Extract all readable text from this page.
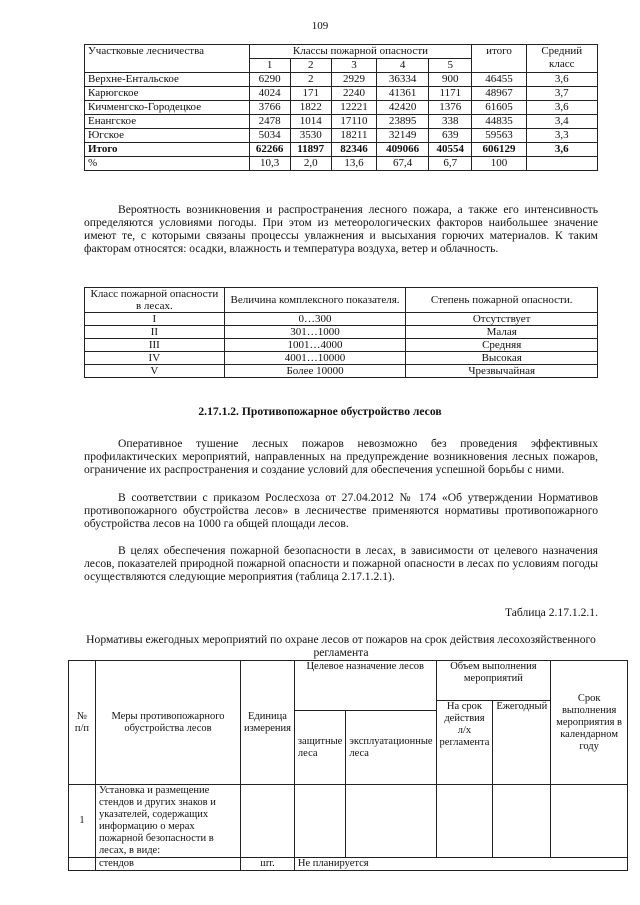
109
Участковые лесничества	Классы пожарной опасности					итого	Средний класс
	1	2	3	4	5		
Верхне-Ентальское	6290	2	2929	36334	900	46455	3,6
Карюгское	4024	171	2240	41361	1171	48967	3,7
Кичменгско-Городецкое	3766	1822	12221	42420	1376	61605	3,6
Енангское	2478	1014	17110	23895	338	44835	3,4
Югское	5034	3530	18211	32149	639	59563	3,3
Итого	62266	11897	82346	409066	40554	606129	3,6
%	10,3	2,0	13,6	67,4	6,7	100	

Вероятность возникновения и распространения лесного пожара, а также его интенсивность определяются условиями погоды. При этом из метеорологических факторов наибольшее значение имеют те, с которыми связаны процессы увлажнения и высыхания горючих материалов. К таким факторам относятся: осадки, влажность и температура воздуха, ветер и облачность.

Класс пожарной опасности в лесах.	Величина комплексного показателя.	Степень пожарной опасности.
I	0…300	Отсутствует
II	301…1000	Малая
III	1001…4000	Средняя
IV	4001…10000	Высокая
V	Более 10000	Чрезвычайная
2.17.1.2. Противопожарное обустройство лесов

Оперативное тушение лесных пожаров невозможно без проведения эффективных профилактических мероприятий, направленных на предупреждение возникновения лесных пожаров, ограничение их распространения и создание условий для обеспечения успешной борьбы с ними.

В соответствии с приказом Рослесхоза от 27.04.2012 № 174 «Об утверждении Нормативов противопожарного обустройства лесов» в лесничестве применяются нормативы противопожарного обустройства лесов на 1000 га общей площади лесов.

В целях обеспечения пожарной безопасности в лесах, в зависимости от целевого назначения лесов, показателей природной пожарной опасности и пожарной опасности в лесах по условиям погоды осуществляются следующие мероприятия (таблица 2.17.1.2.1).

Таблица 2.17.1.2.1.
Нормативы ежегодных мероприятий по охране лесов от пожаров на срок действия лесохозяйственного регламента
№ п/п	Меры противопожарного обустройства лесов	Единица измерения	Целевое назначение лесов		Объем выполнения мероприятий		Срок выполнения мероприятия в календарном году
					На срок действия л/х регламента	Ежегодный	
			защитные леса	эксплуатационные леса			
1	Установка и размещение стендов и других знаков и указателей, содержащих информацию о мерах пожарной безопасности в лесах, в виде:						
	стендов	шт.	Не планируется				
